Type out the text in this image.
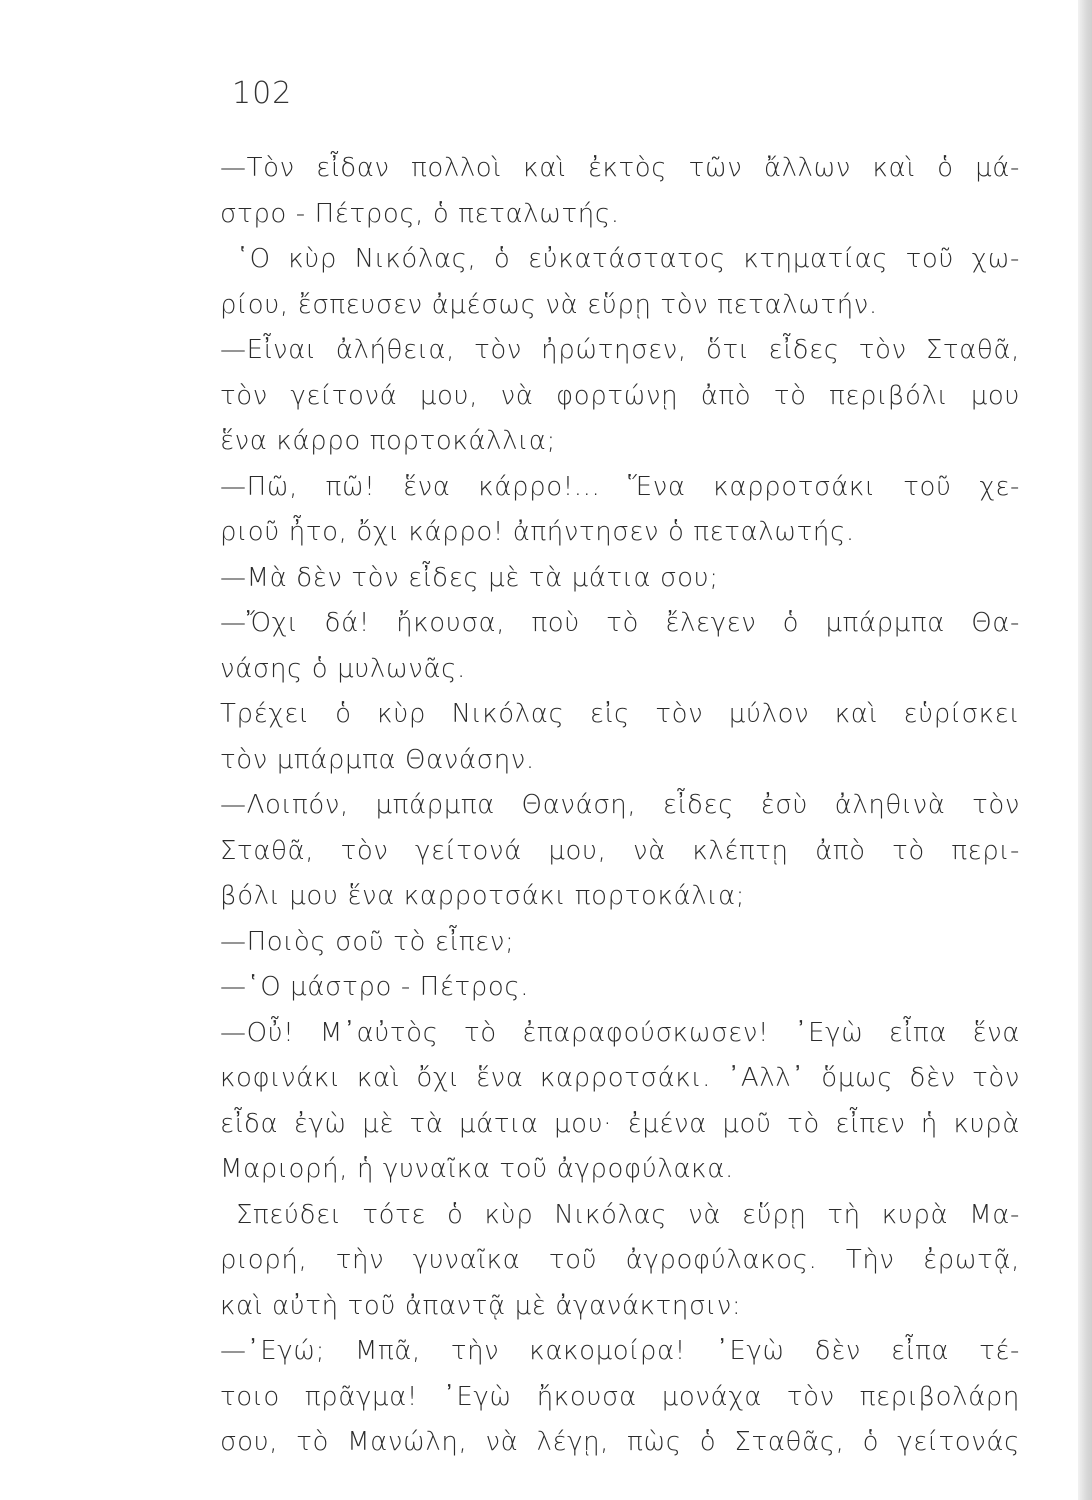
102
—Τὸν εἶδαν πολλοὶ καὶ ἐκτὸς τῶν ἄλλων καὶ ὁ μά-
στρο - Πέτρος, ὁ πεταλωτής.
῾Ο κὺρ Νικόλας, ὁ εὐκατάστατος κτηματίας τοῦ χω-
ρίου, ἔσπευσεν ἀμέσως νὰ εὕρῃ τὸν πεταλωτήν.
—Εἶναι ἀλήθεια, τὸν ἠρώτησεν, ὅτι εἶδες τὸν Σταθᾶ,
τὸν γείτονά μου, νὰ φορτώνῃ ἀπὸ τὸ περιβόλι μου
ἕνα κάρρο πορτοκάλλια;
—Πῶ, πῶ! ἕνα κάρρο!... Ἕνα καρροτσάκι τοῦ χε-
ριοῦ ἦτο, ὄχι κάρρο! ἀπήντησεν ὁ πεταλωτής.
—Μὰ δὲν τὸν εἶδες μὲ τὰ μάτια σου;
—Ὄχι δά! ἤκουσα, ποὺ τὸ ἔλεγεν ὁ μπάρμπα Θα-
νάσης ὁ μυλωνᾶς.
Τρέχει ὁ κὺρ Νικόλας εἰς τὸν μύλον καὶ εὑρίσκει
τὸν μπάρμπα Θανάσην.
—Λοιπόν, μπάρμπα Θανάση, εἶδες ἐσὺ ἀληθινὰ τὸν
Σταθᾶ, τὸν γείτονά μου, νὰ κλέπτῃ ἀπὸ τὸ περι-
βόλι μου ἕνα καρροτσάκι πορτοκάλια;
—Ποιὸς σοῦ τὸ εἶπεν;
—῾Ο μάστρο - Πέτρος.
—Οὖ! Μ᾿αὐτὸς τὸ ἐπαραφούσκωσεν! ᾿Εγὼ εἶπα ἕνα
κοφινάκι καὶ ὄχι ἕνα καρροτσάκι. ᾿Αλλ᾿ ὅμως δὲν τὸν
εἶδα ἐγὼ μὲ τὰ μάτια μου· ἐμένα μοῦ τὸ εἶπεν ἡ κυρὰ
Μαριορή, ἡ γυναῖκα τοῦ ἀγροφύλακα.
Σπεύδει τότε ὁ κὺρ Νικόλας νὰ εὕρῃ τὴ κυρὰ Μα-
ριορή, τὴν γυναῖκα τοῦ ἀγροφύλακος. Τὴν ἐρωτᾷ,
καὶ αὐτὴ τοῦ ἀπαντᾷ μὲ ἀγανάκτησιν:
—᾿Εγώ; Μπᾶ, τὴν κακομοίρα! ᾿Εγὼ δὲν εἶπα τέ-
τοιο πρᾶγμα! ᾿Εγὼ ἤκουσα μονάχα τὸν περιβολάρη
σου, τὸ Μανώλη, νὰ λέγῃ, πὼς ὁ Σταθᾶς, ὁ γείτονάς
